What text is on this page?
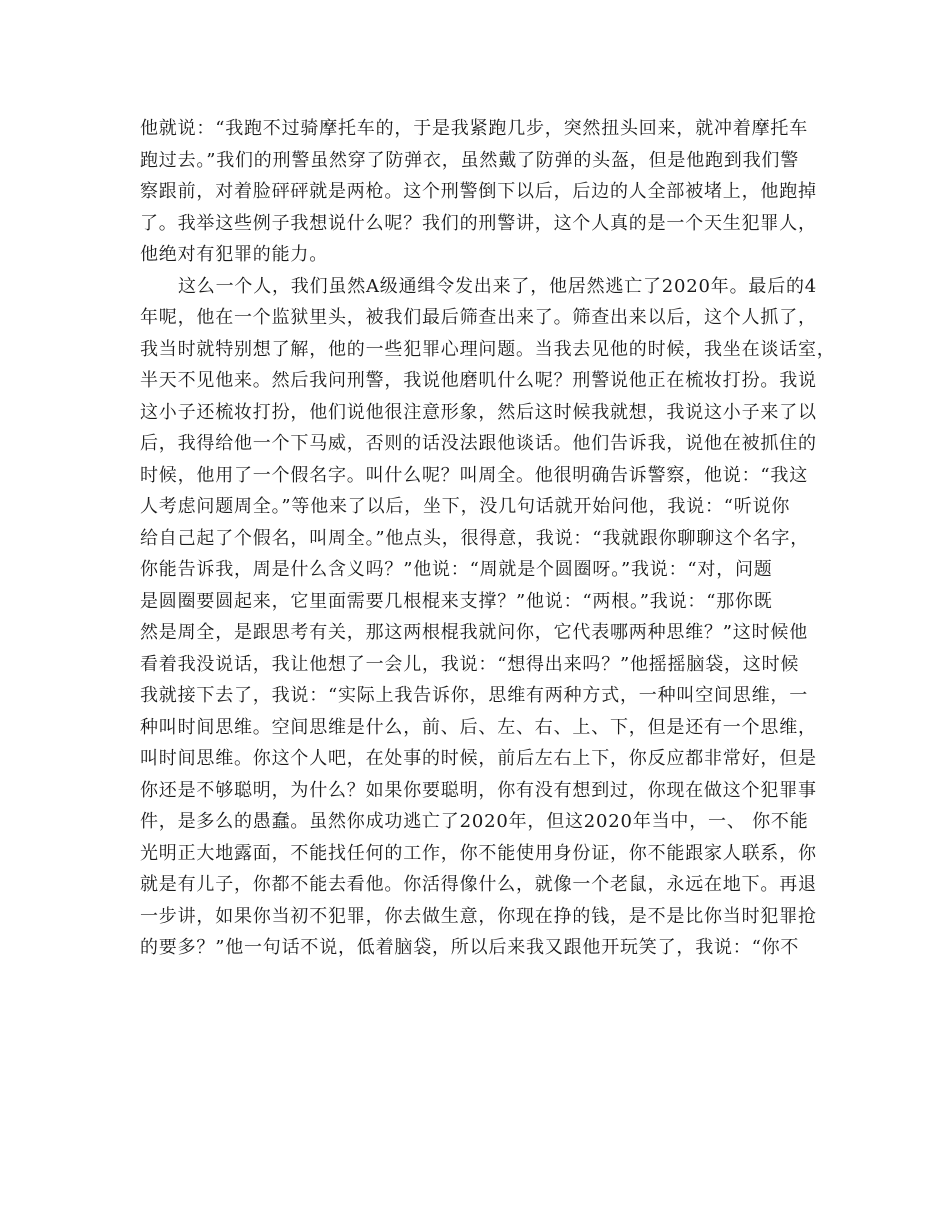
他就说：“我跑不过骑摩托车的，于是我紧跑几步，突然扭头回来，就冲着摩托车
跑过去。”我们的刑警虽然穿了防弹衣，虽然戴了防弹的头盔，但是他跑到我们警
察跟前，对着脸砰砰就是两枪。这个刑警倒下以后，后边的人全部被堵上，他跑掉
了。我举这些例子我想说什么呢？我们的刑警讲，这个人真的是一个天生犯罪人，
他绝对有犯罪的能力。
这么一个人，我们虽然A级通缉令发出来了，他居然逃亡了2020年。最后的4
年呢，他在一个监狱里头，被我们最后筛查出来了。筛查出来以后，这个人抓了，
我当时就特别想了解，他的一些犯罪心理问题。当我去见他的时候，我坐在谈话室，
半天不见他来。然后我问刑警，我说他磨叽什么呢？刑警说他正在梳妆打扮。我说
这小子还梳妆打扮，他们说他很注意形象，然后这时候我就想，我说这小子来了以
后，我得给他一个下马威，否则的话没法跟他谈话。他们告诉我，说他在被抓住的
时候，他用了一个假名字。叫什么呢？叫周全。他很明确告诉警察，他说：“我这
人考虑问题周全。”等他来了以后，坐下，没几句话就开始问他，我说：“听说你
给自己起了个假名，叫周全。”他点头，很得意，我说：“我就跟你聊聊这个名字，
你能告诉我，周是什么含义吗？”他说：“周就是个圆圈呀。”我说：“对，问题
是圆圈要圆起来，它里面需要几根棍来支撑？”他说：“两根。”我说：“那你既
然是周全，是跟思考有关，那这两根棍我就问你，它代表哪两种思维？”这时候他
看着我没说话，我让他想了一会儿，我说：“想得出来吗？”他摇摇脑袋，这时候
我就接下去了，我说：“实际上我告诉你，思维有两种方式，一种叫空间思维，一
种叫时间思维。空间思维是什么，前、后、左、右、上、下，但是还有一个思维，
叫时间思维。你这个人吧，在处事的时候，前后左右上下，你反应都非常好，但是
你还是不够聪明，为什么？如果你要聪明，你有没有想到过，你现在做这个犯罪事
件，是多么的愚蠢。虽然你成功逃亡了2020年，但这2020年当中，一、 你不能
光明正大地露面，不能找任何的工作，你不能使用身份证，你不能跟家人联系，你
就是有儿子，你都不能去看他。你活得像什么，就像一个老鼠，永远在地下。再退
一步讲，如果你当初不犯罪，你去做生意，你现在挣的钱，是不是比你当时犯罪抢
的要多？”他一句话不说，低着脑袋，所以后来我又跟他开玩笑了，我说：“你不
